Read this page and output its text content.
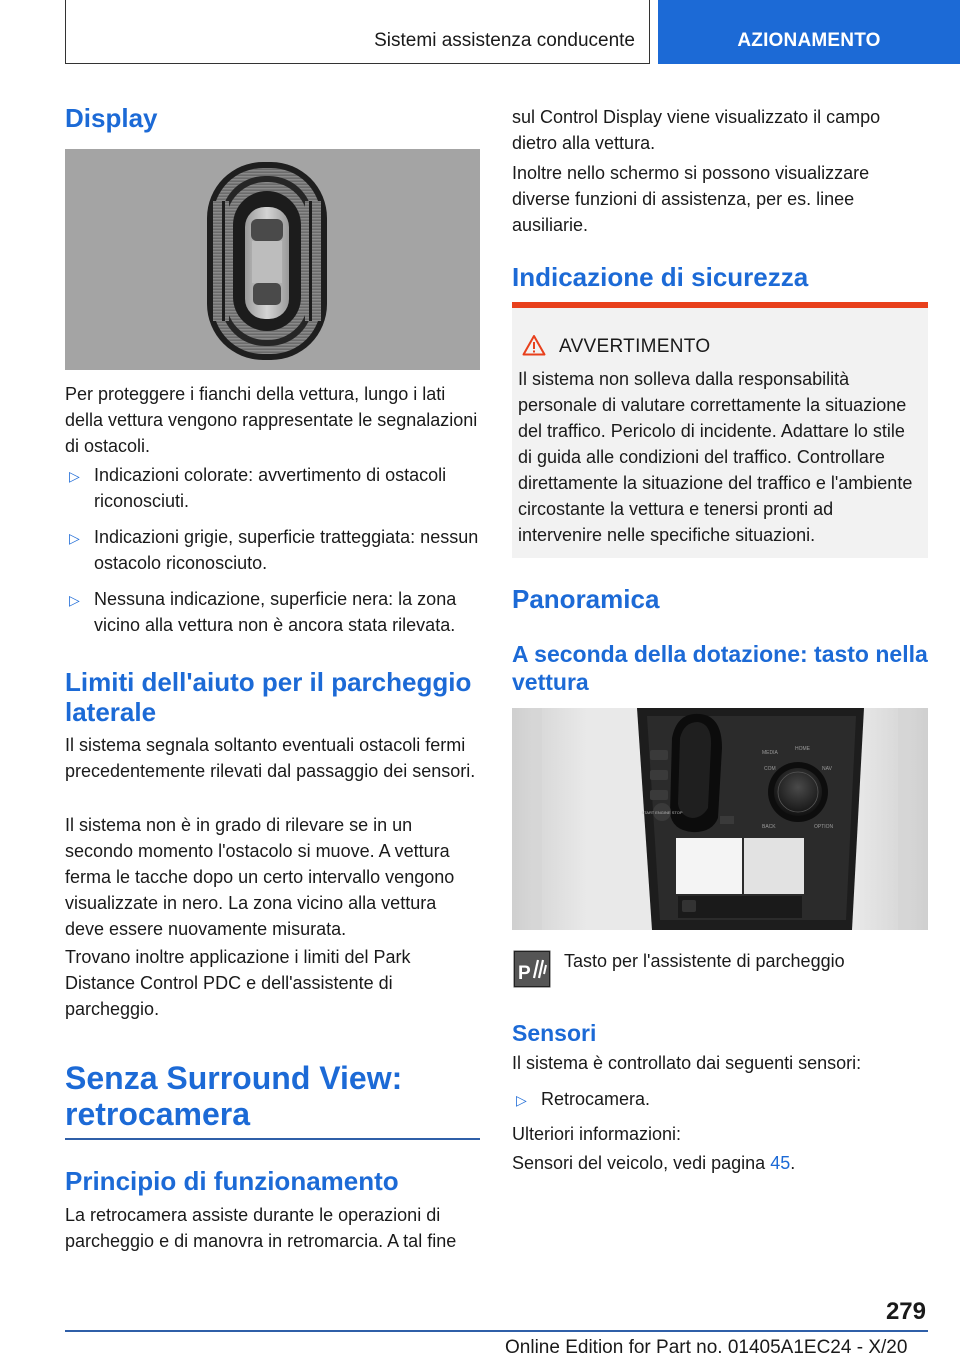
Sistemi assistenza conducente	AZIONAMENTO
Display

Per proteggere i fianchi della vettura, lungo i lati della vettura vengono rappresentate le segnalazioni di ostacoli.

▷ Indicazioni colorate: avvertimento di ostacoli riconosciuti.
▷ Indicazioni grigie, superficie tratteggiata: nessun ostacolo riconosciuto.
▷ Nessuna indicazione, superficie nera: la zona vicino alla vettura non è ancora stata rilevata.
Limiti dell'aiuto per il parcheggio laterale

Il sistema segnala soltanto eventuali ostacoli fermi precedentemente rilevati dal passaggio dei sensori.

Il sistema non è in grado di rilevare se in un secondo momento l'ostacolo si muove. A vettura ferma le tacche dopo un certo intervallo vengono visualizzate in nero. La zona vicino alla vettura deve essere nuovamente misurata.

Trovano inoltre applicazione i limiti del Park Distance Control PDC e dell'assistente di parcheggio.

Senza Surround View: retrocamera
Principio di funzionamento

La retrocamera assiste durante le operazioni di parcheggio e di manovra in retromarcia. A tal fine

sul Control Display viene visualizzato il campo dietro alla vettura.

Inoltre nello schermo si possono visualizzare diverse funzioni di assistenza, per es. linee ausiliarie.

Indicazione di sicurezza
AVVERTIMENTO

Il sistema non solleva dalla responsabilità personale di valutare correttamente la situazione del traffico. Pericolo di incidente. Adattare lo stile di guida alle condizioni del traffico. Controllare direttamente la situazione del traffico e l'ambiente circostante la vettura e tenersi pronti ad intervenire nelle specifiche situazioni.

Panoramica
A seconda della dotazione: tasto nella vettura
START ENGINE STOP
MEDIA
HOME
COM	NAV
BACK	OPTION
P
Tasto per l'assistente di parcheggio
Sensori

Il sistema è controllato dai seguenti sensori:

▷ Retrocamera.

Ulteriori informazioni:

Sensori del veicolo, vedi pagina 45.

279
Online Edition for Part no. 01405A1EC24 - X/20
